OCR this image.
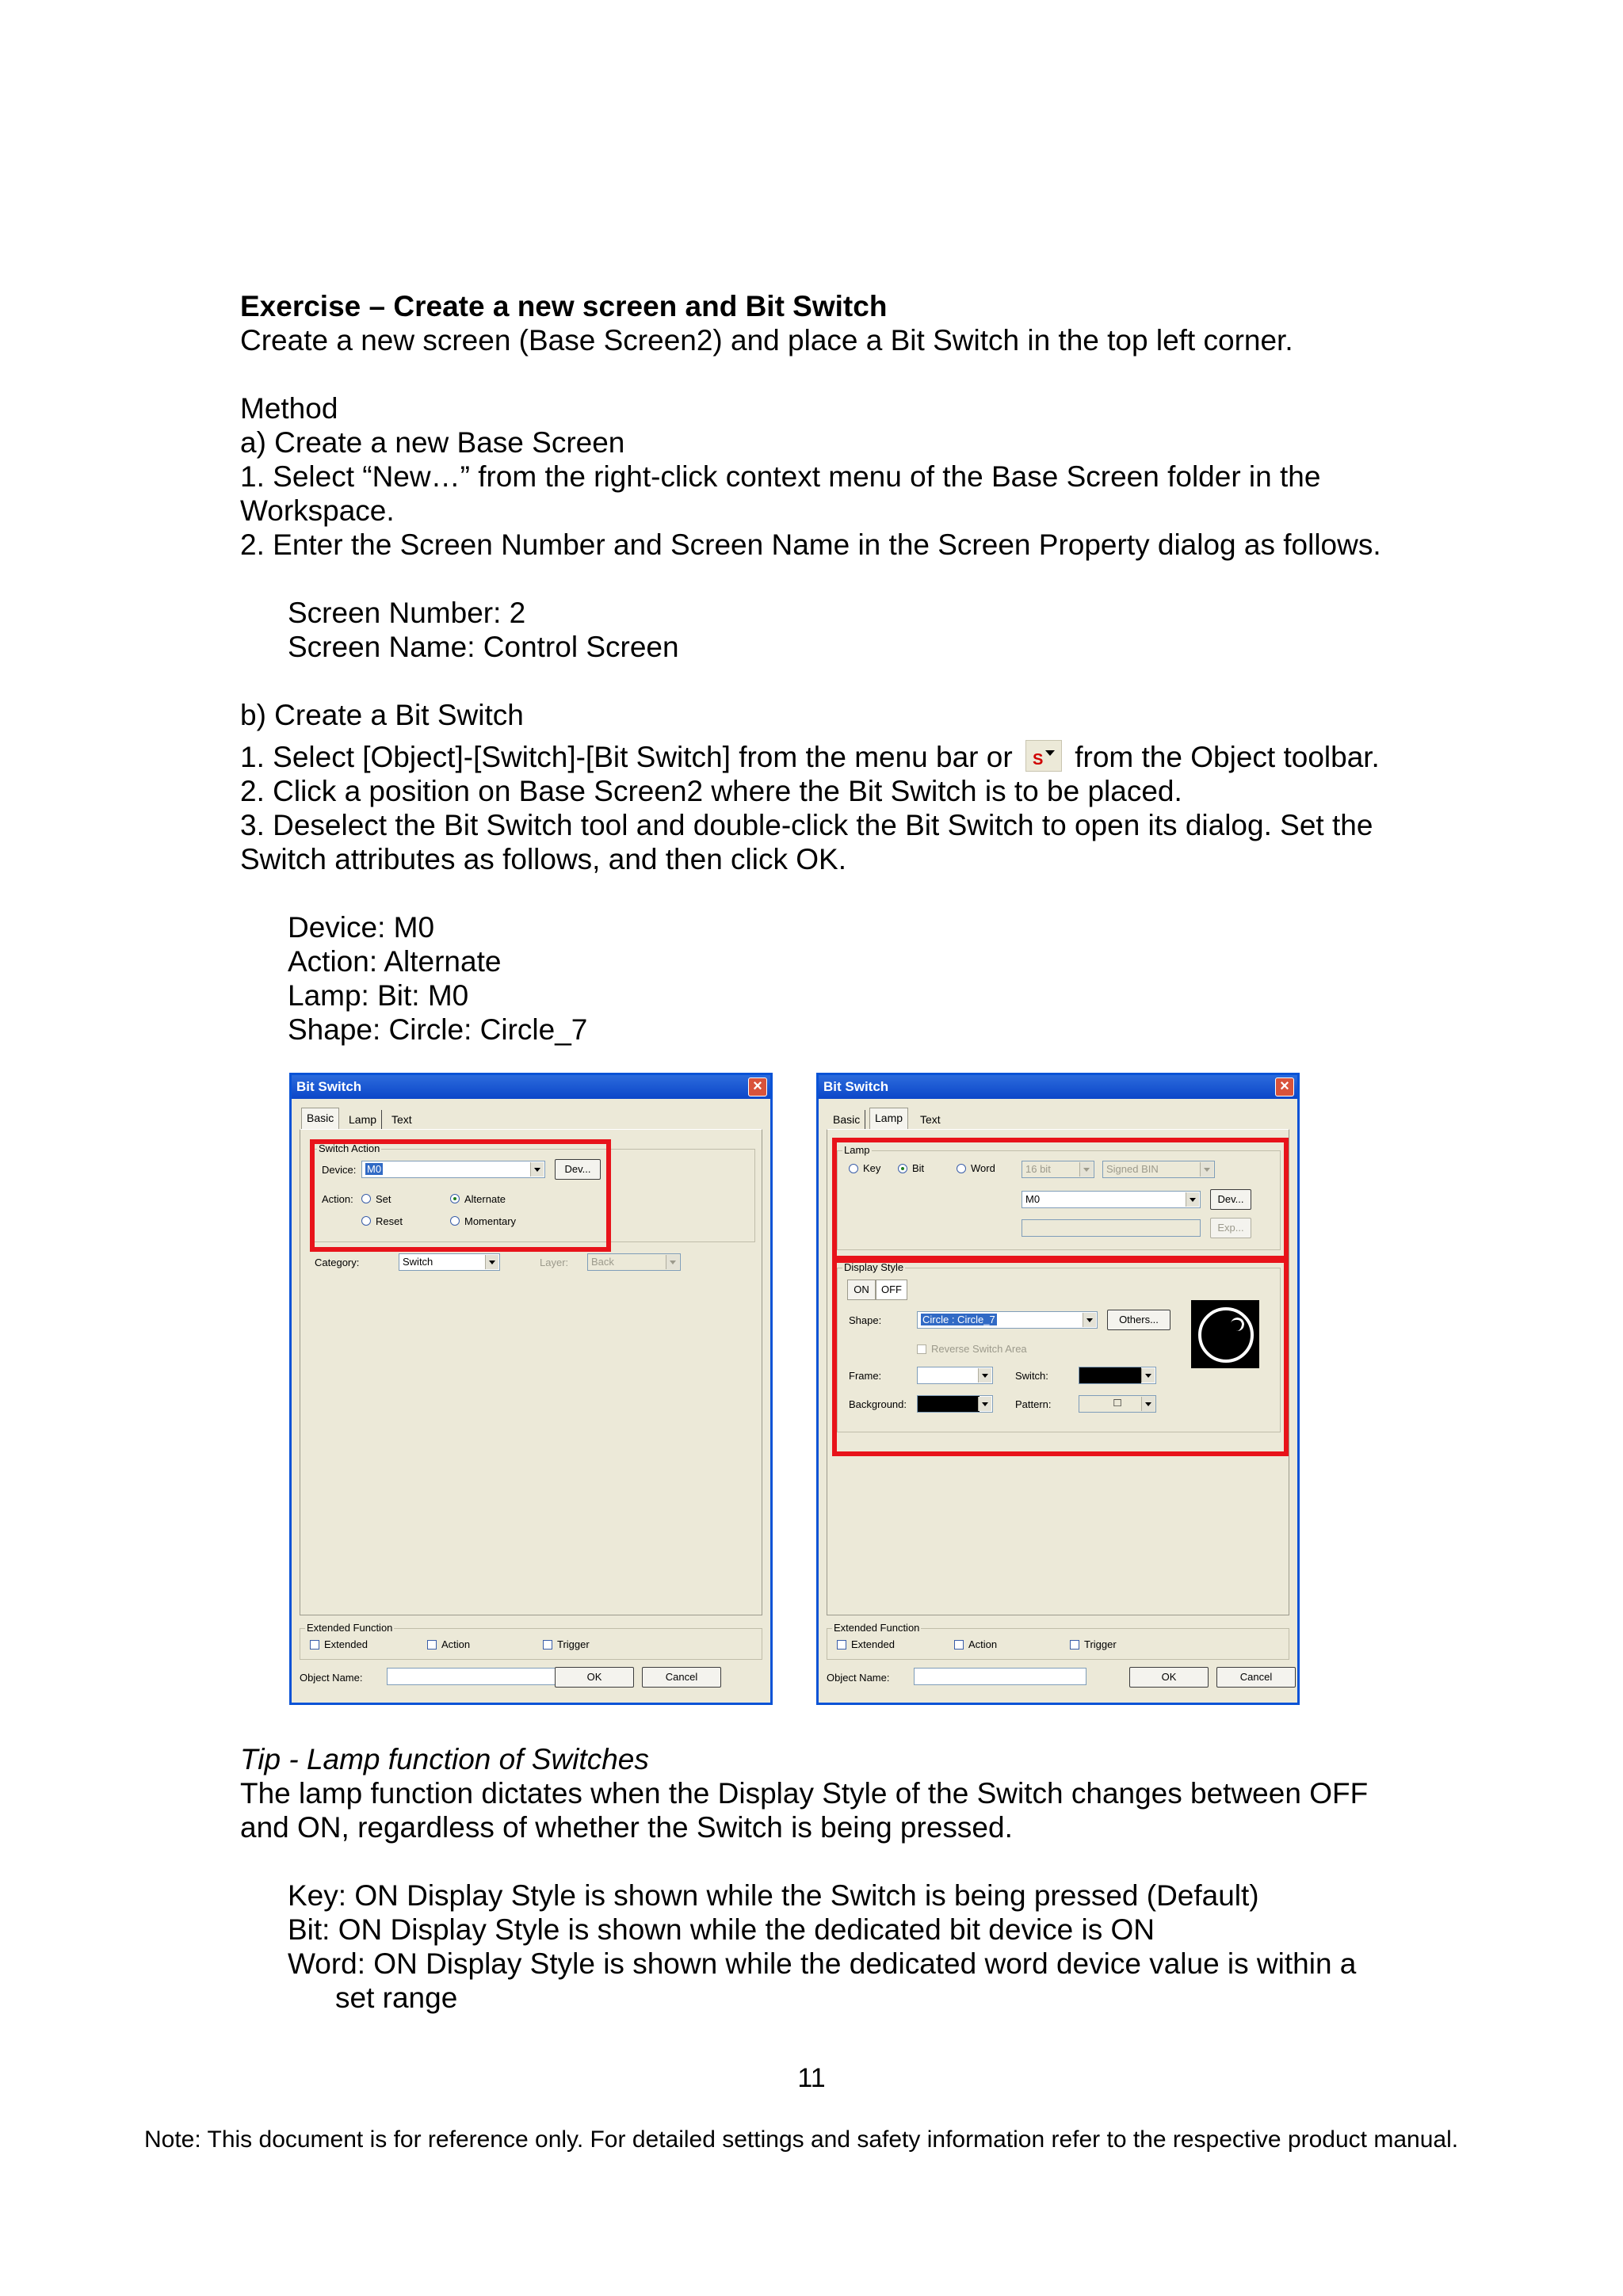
Exercise – Create a new screen and Bit Switch
Create a new screen (Base Screen2) and place a Bit Switch in the top left corner.
Method
a) Create a new Base Screen
1. Select “New…” from the right-click context menu of the Base Screen folder in the
Workspace.
2. Enter the Screen Number and Screen Name in the Screen Property dialog as follows.
Screen Number: 2
Screen Name: Control Screen
b) Create a Bit Switch
1. Select [Object]-[Switch]-[Bit Switch] from the menu bar or S from the Object toolbar.
2. Click a position on Base Screen2 where the Bit Switch is to be placed.
3. Deselect the Bit Switch tool and double-click the Bit Switch to open its dialog. Set the
Switch attributes as follows, and then click OK.
Device: M0
Action: Alternate
Lamp: Bit: M0
Shape: Circle: Circle_7
Bit Switch	×
Basic	Lamp	Text
Switch Action
Device:	M0	Dev...
Action: Set	Alternate
Reset	Momentary
Category:	Switch	Layer:	Back
Extended Function
Extended	Action	Trigger
Object Name:	OK	Cancel
Bit Switch	×
Basic	Lamp	Text
Lamp
Key	Bit	Word	16 bit	Signed BIN
M0	Dev...
Exp...
Display Style
ON	OFF
Shape:	Circle : Circle_7	Others...
Reverse Switch Area
Frame:	Switch:
Background:	Pattern:	□
Extended Function
Extended	Action	Trigger
Object Name:	OK	Cancel
Tip - Lamp function of Switches
The lamp function dictates when the Display Style of the Switch changes between OFF
and ON, regardless of whether the Switch is being pressed.
Key: ON Display Style is shown while the Switch is being pressed (Default)
Bit: ON Display Style is shown while the dedicated bit device is ON
Word: ON Display Style is shown while the dedicated word device value is within a
set range
11
Note: This document is for reference only. For detailed settings and safety information refer to the respective product manual.
